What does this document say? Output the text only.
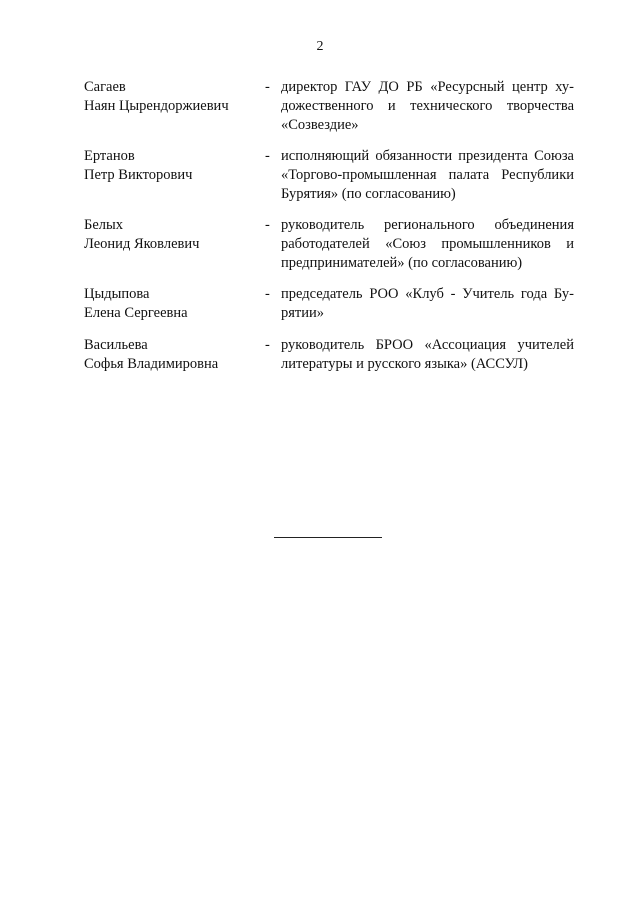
2
Сагаев
Наян Цырендоржиевич
- директор ГАУ ДО РБ «Ресурсный центр художественного и технического творчества «Созвездие»
Ертанов
Петр Викторович
- исполняющий обязанности президента Союза «Торгово-промышленная палата Республики Бурятия» (по согласованию)
Белых
Леонид Яковлевич
- руководитель регионального объединения работодателей «Союз промышленников и предпринимателей» (по согласованию)
Цыдыпова
Елена Сергеевна
- председатель РОО «Клуб - Учитель года Бурятии»
Васильева
Софья Владимировна
- руководитель БРОО «Ассоциация учителей литературы и русского языка» (АССУЛ)
